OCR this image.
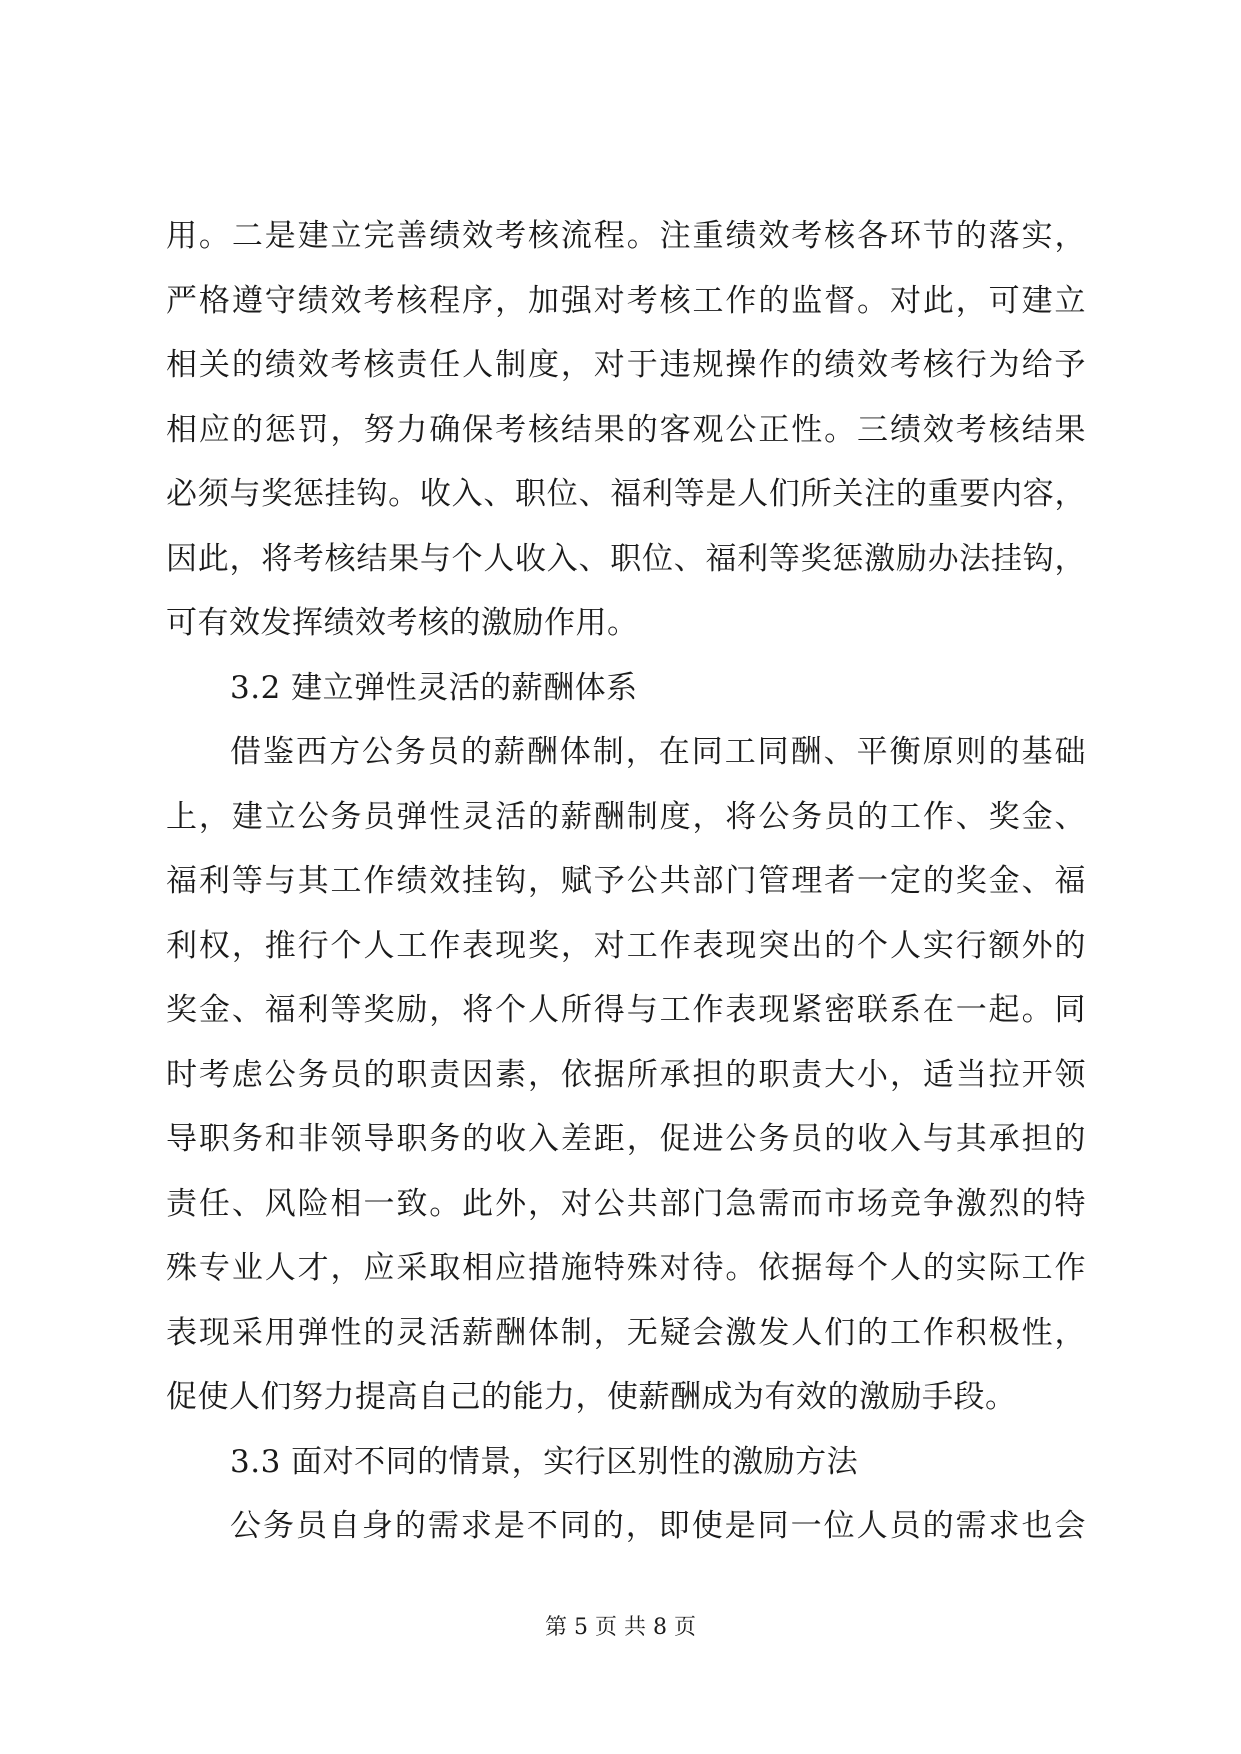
用。二是建立完善绩效考核流程。注重绩效考核各环节的落实，
严格遵守绩效考核程序，加强对考核工作的监督。对此，可建立
相关的绩效考核责任人制度，对于违规操作的绩效考核行为给予
相应的惩罚，努力确保考核结果的客观公正性。三绩效考核结果
必须与奖惩挂钩。收入、职位、福利等是人们所关注的重要内容，
因此，将考核结果与个人收入、职位、福利等奖惩激励办法挂钩，
可有效发挥绩效考核的激励作用。
3.2 建立弹性灵活的薪酬体系
借鉴西方公务员的薪酬体制，在同工同酬、平衡原则的基础
上，建立公务员弹性灵活的薪酬制度，将公务员的工作、奖金、
福利等与其工作绩效挂钩，赋予公共部门管理者一定的奖金、福
利权，推行个人工作表现奖，对工作表现突出的个人实行额外的
奖金、福利等奖励，将个人所得与工作表现紧密联系在一起。同
时考虑公务员的职责因素，依据所承担的职责大小，适当拉开领
导职务和非领导职务的收入差距，促进公务员的收入与其承担的
责任、风险相一致。此外，对公共部门急需而市场竞争激烈的特
殊专业人才，应采取相应措施特殊对待。依据每个人的实际工作
表现采用弹性的灵活薪酬体制，无疑会激发人们的工作积极性，
促使人们努力提高自己的能力，使薪酬成为有效的激励手段。
3.3 面对不同的情景，实行区别性的激励方法
公务员自身的需求是不同的，即使是同一位人员的需求也会
第 5 页 共 8 页
